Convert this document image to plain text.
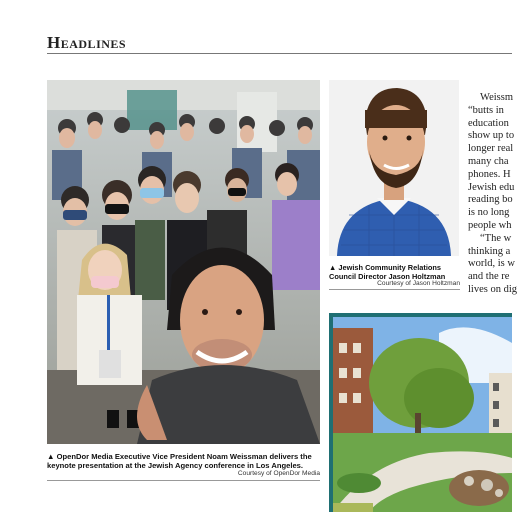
Headlines
▲ OpenDor Media Executive Vice President Noam Weissman delivers the
keynote presentation at the Jewish Agency conference in Los Angeles.
Courtesy of OpenDor Media
▲ Jewish Community Relations
Council Director Jason Holtzman
Courtesy of Jason Holtzman
Weissm
“butts in
education
show up to
longer real
many cha
phones. H
Jewish edu
reading bo
is no long
people wh
“The w
thinking a
world, is w
and the re
lives on dig
